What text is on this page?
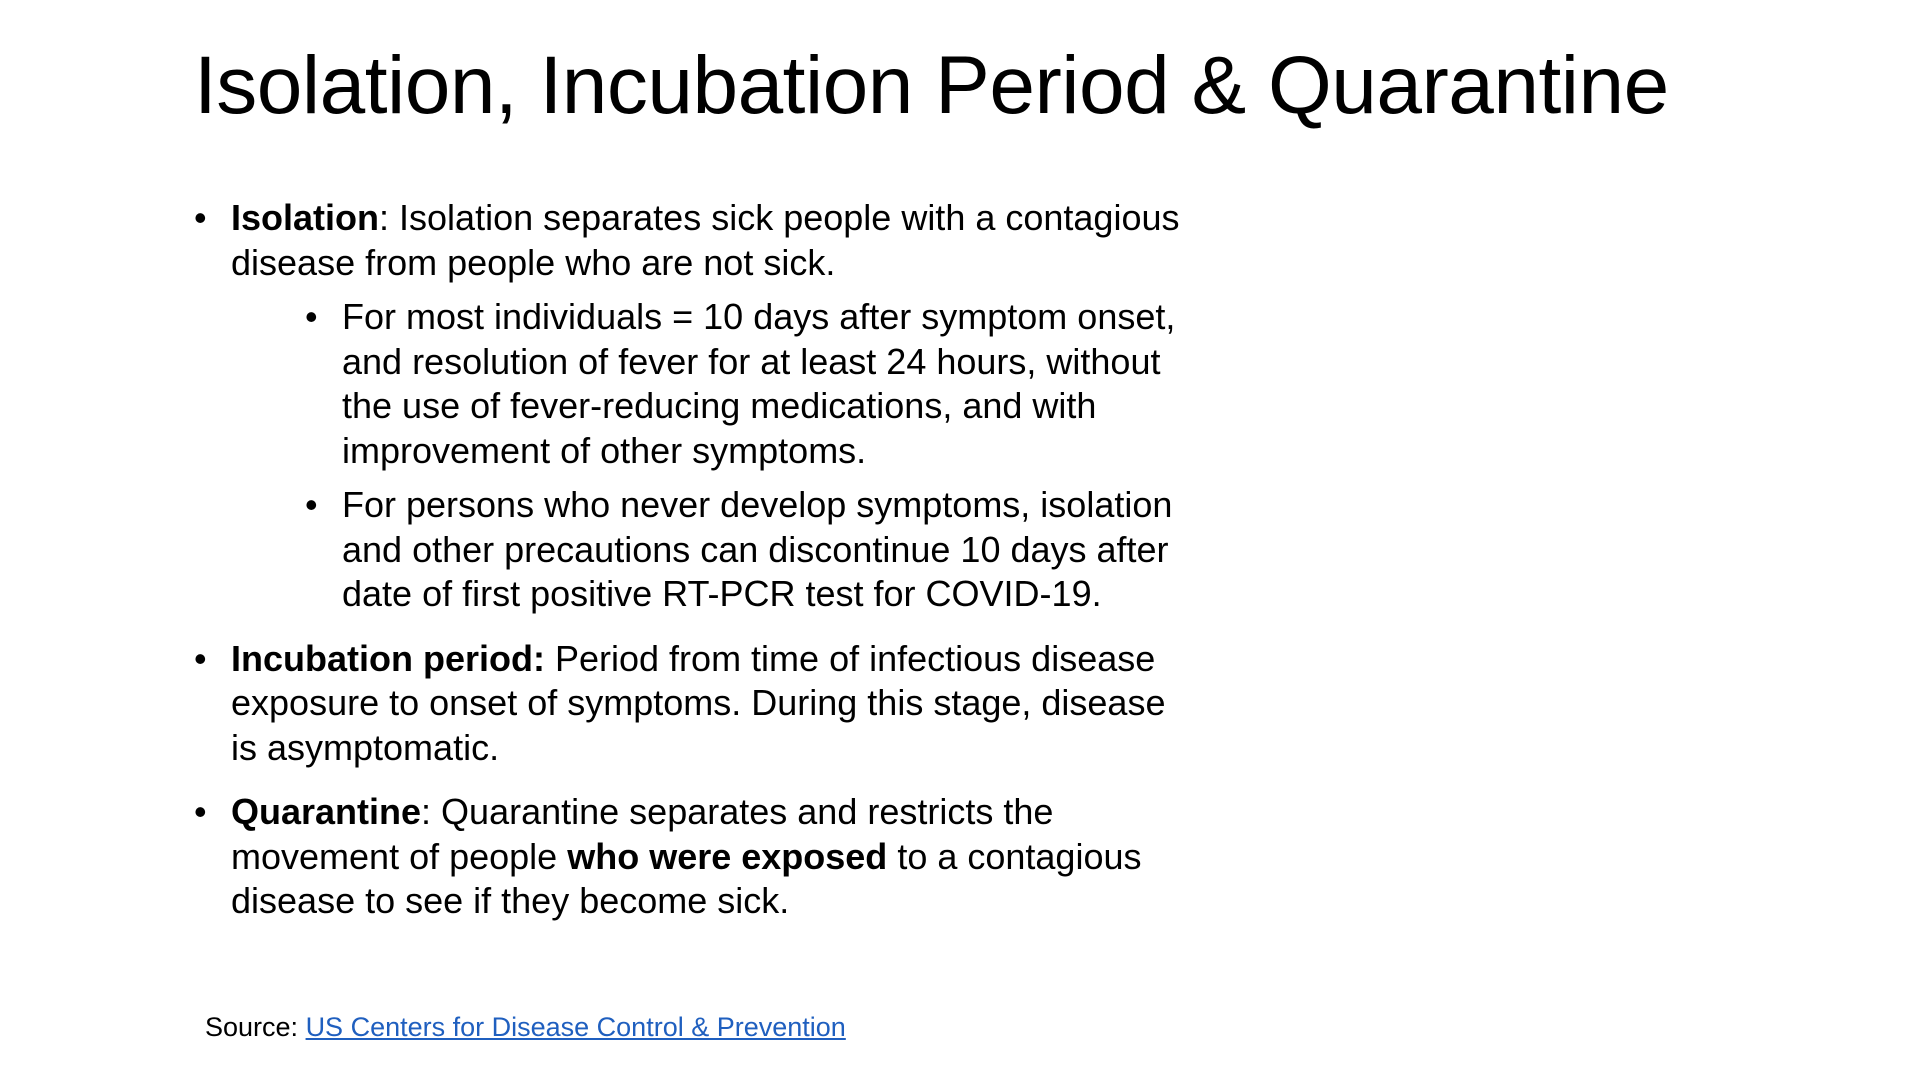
Isolation, Incubation Period & Quarantine
• Isolation: Isolation separates sick people with a contagious disease from people who are not sick.
• For most individuals = 10 days after symptom onset, and resolution of fever for at least 24 hours, without the use of fever-reducing medications, and with improvement of other symptoms.
• For persons who never develop symptoms, isolation and other precautions can discontinue 10 days after date of first positive RT-PCR test for COVID-19.
• Incubation period: Period from time of infectious disease exposure to onset of symptoms. During this stage, disease is asymptomatic.
• Quarantine: Quarantine separates and restricts the movement of people who were exposed to a contagious disease to see if they become sick.
Source: US Centers for Disease Control & Prevention
